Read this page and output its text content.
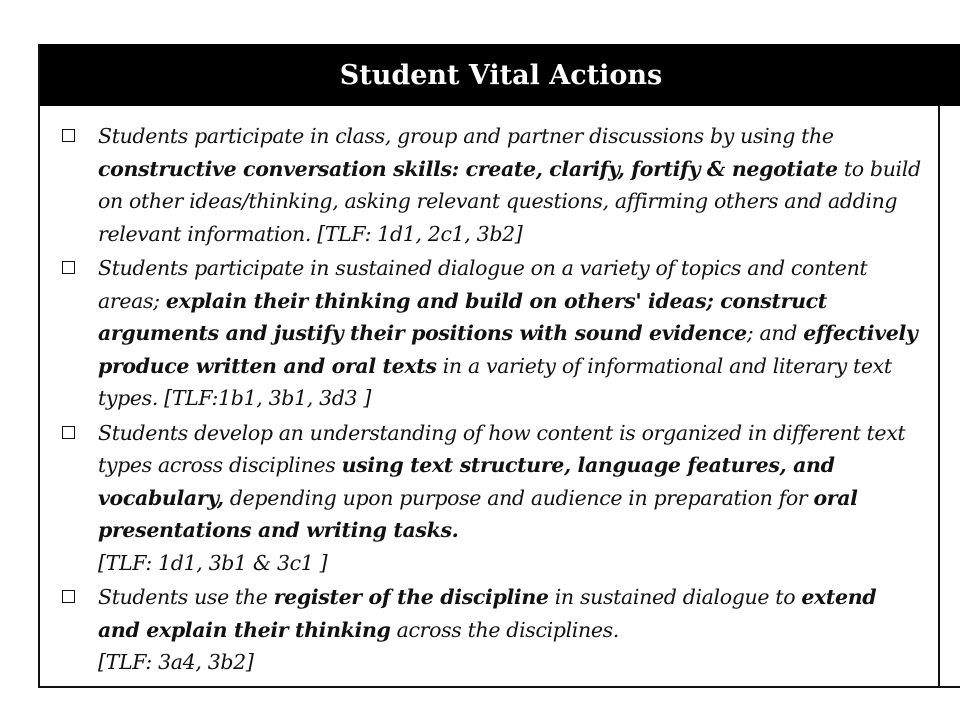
Student Vital Actions
Students participate in class, group and partner discussions by using the constructive conversation skills: create, clarify, fortify & negotiate to build on other ideas/thinking, asking relevant questions, affirming others and adding relevant information. [TLF: 1d1, 2c1, 3b2]
Students participate in sustained dialogue on a variety of topics and content areas; explain their thinking and build on others' ideas; construct arguments and justify their positions with sound evidence; and effectively produce written and oral texts in a variety of informational and literary text types. [TLF:1b1, 3b1, 3d3 ]
Students develop an understanding of how content is organized in different text types across disciplines using text structure, language features, and vocabulary, depending upon purpose and audience in preparation for oral presentations and writing tasks.
[TLF: 1d1, 3b1 & 3c1 ]
Students use the register of the discipline in sustained dialogue to extend and explain their thinking across the disciplines.
[TLF: 3a4, 3b2]
